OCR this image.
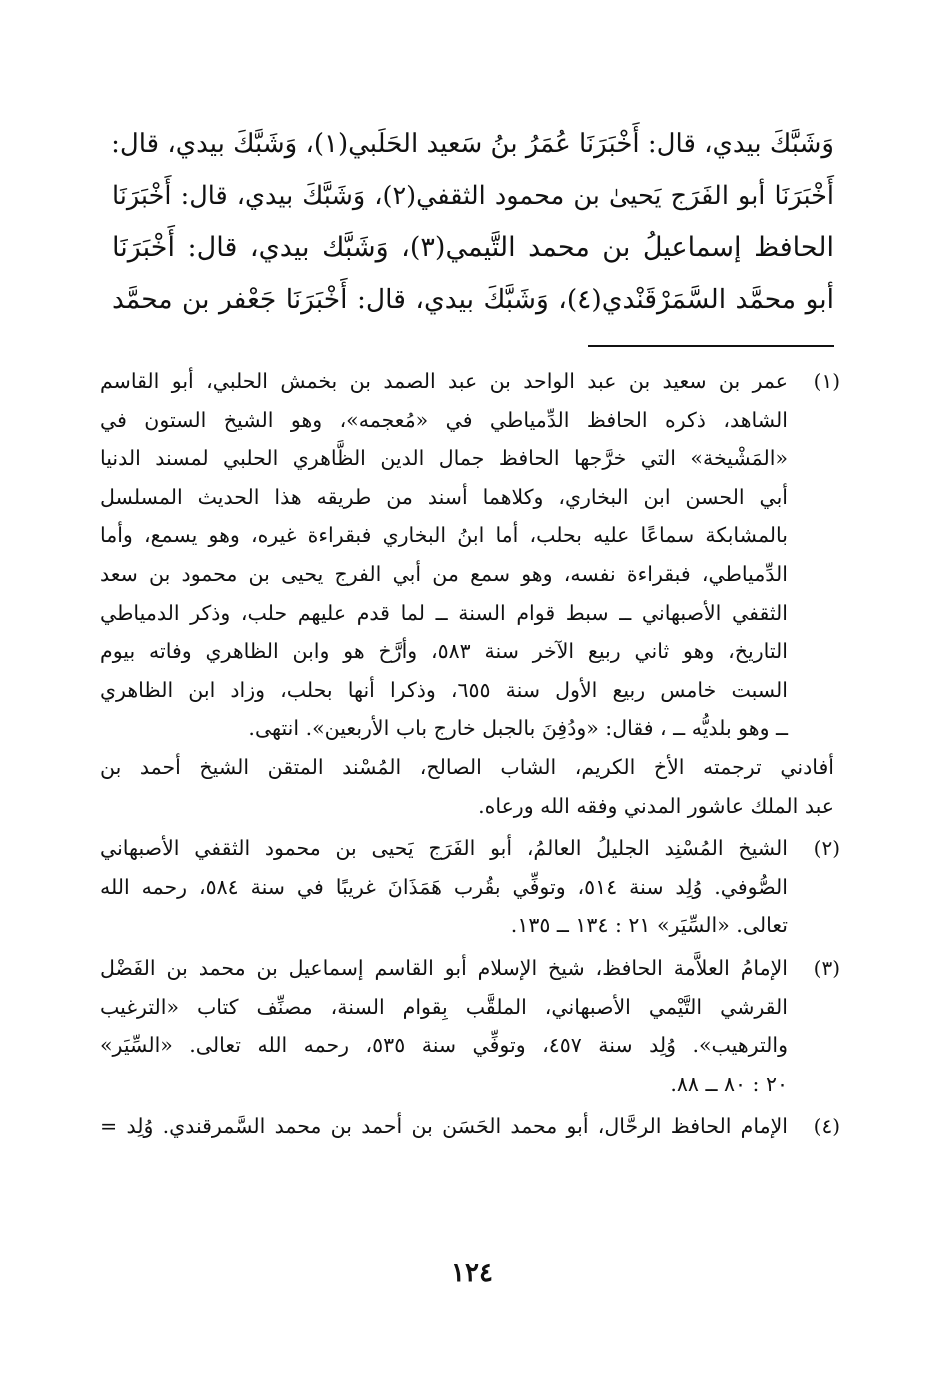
وَشَبَّكَ بيدي، قال: أَخْبَرَنَا عُمَرُ بنُ سَعيد الحَلَبي(١)، وَشَبَّكَ بيدي، قال:
أَخْبَرَنَا أبو الفَرَج يَحيىٰ بن محمود الثقفي(٢)، وَشَبَّكَ بيدي، قال: أَخْبَرَنَا
الحافظ إسماعيلُ بن محمد التَّيمي(٣)، وَشَبَّك بيدي، قال: أَخْبَرَنَا
أبو محمَّد السَّمَرْقَنْدي(٤)، وَشَبَّكَ بيدي، قال: أَخْبَرَنَا جَعْفر بن محمَّد
(١)
عمر بن سعيد بن عبد الواحد بن عبد الصمد بن بخمش الحلبي، أبو القاسم
الشاهد، ذكره الحافظ الدِّمياطي في «مُعجمه»، وهو الشيخ الستون في
«المَشْيخة» التي خرَّجها الحافظ جمال الدين الظَّاهري الحلبي لمسند الدنيا
أبي الحسن ابن البخاري، وكلاهما أسند من طريقه هذا الحديث المسلسل
بالمشابكة سماعًا عليه بحلب، أما ابنُ البخاري فبقراءة غيره، وهو يسمع، وأما
الدِّمياطي، فبقراءة نفسه، وهو سمع من أبي الفرج يحيى بن محمود بن سعد
الثقفي الأصبهاني ــ سبط قوام السنة ــ لما قدم عليهم حلب، وذكر الدمياطي
التاريخ، وهو ثاني ربيع الآخر سنة ٥٨٣، وأرَّخ هو وابن الظاهري وفاته بيوم
السبت خامس ربيع الأول سنة ٦٥٥، وذكرا أنها بحلب، وزاد ابن الظاهري
ــ وهو بلديُّه ــ ، فقال: «ودُفِنَ بالجبل خارج باب الأربعين». انتهى.
أفادني ترجمته الأخ الكريم، الشاب الصالح، المُسْند المتقن الشيخ أحمد بن
عبد الملك عاشور المدني وفقه الله ورعاه.
(٢)
الشيخ المُسْنِد الجليلُ العالمُ، أبو الفَرَج يَحيى بن محمود الثقفي الأصبهاني
الصُّوفي. وُلِد سنة ٥١٤، وتوفِّي بقُرب هَمَذَانَ غريبًا في سنة ٥٨٤، رحمه الله
تعالى. «السِّيَر» ٢١ : ١٣٤ ــ ١٣٥.
(٣)
الإمامُ العلاَّمة الحافظ، شيخ الإسلام أبو القاسم إسماعيل بن محمد بن الفَضْل
القرشي التَّيْمي الأصبهاني، الملقَّب بِقوام السنة، مصنِّف كتاب «الترغيب
والترهيب». وُلِد سنة ٤٥٧، وتوفِّي سنة ٥٣٥، رحمه الله تعالى. «السِّيَر»
٢٠ : ٨٠ ــ ٨٨.
(٤)
الإمام الحافظ الرحَّال، أبو محمد الحَسَن بن أحمد بن محمد السَّمرقندي. وُلِد =
١٢٤
